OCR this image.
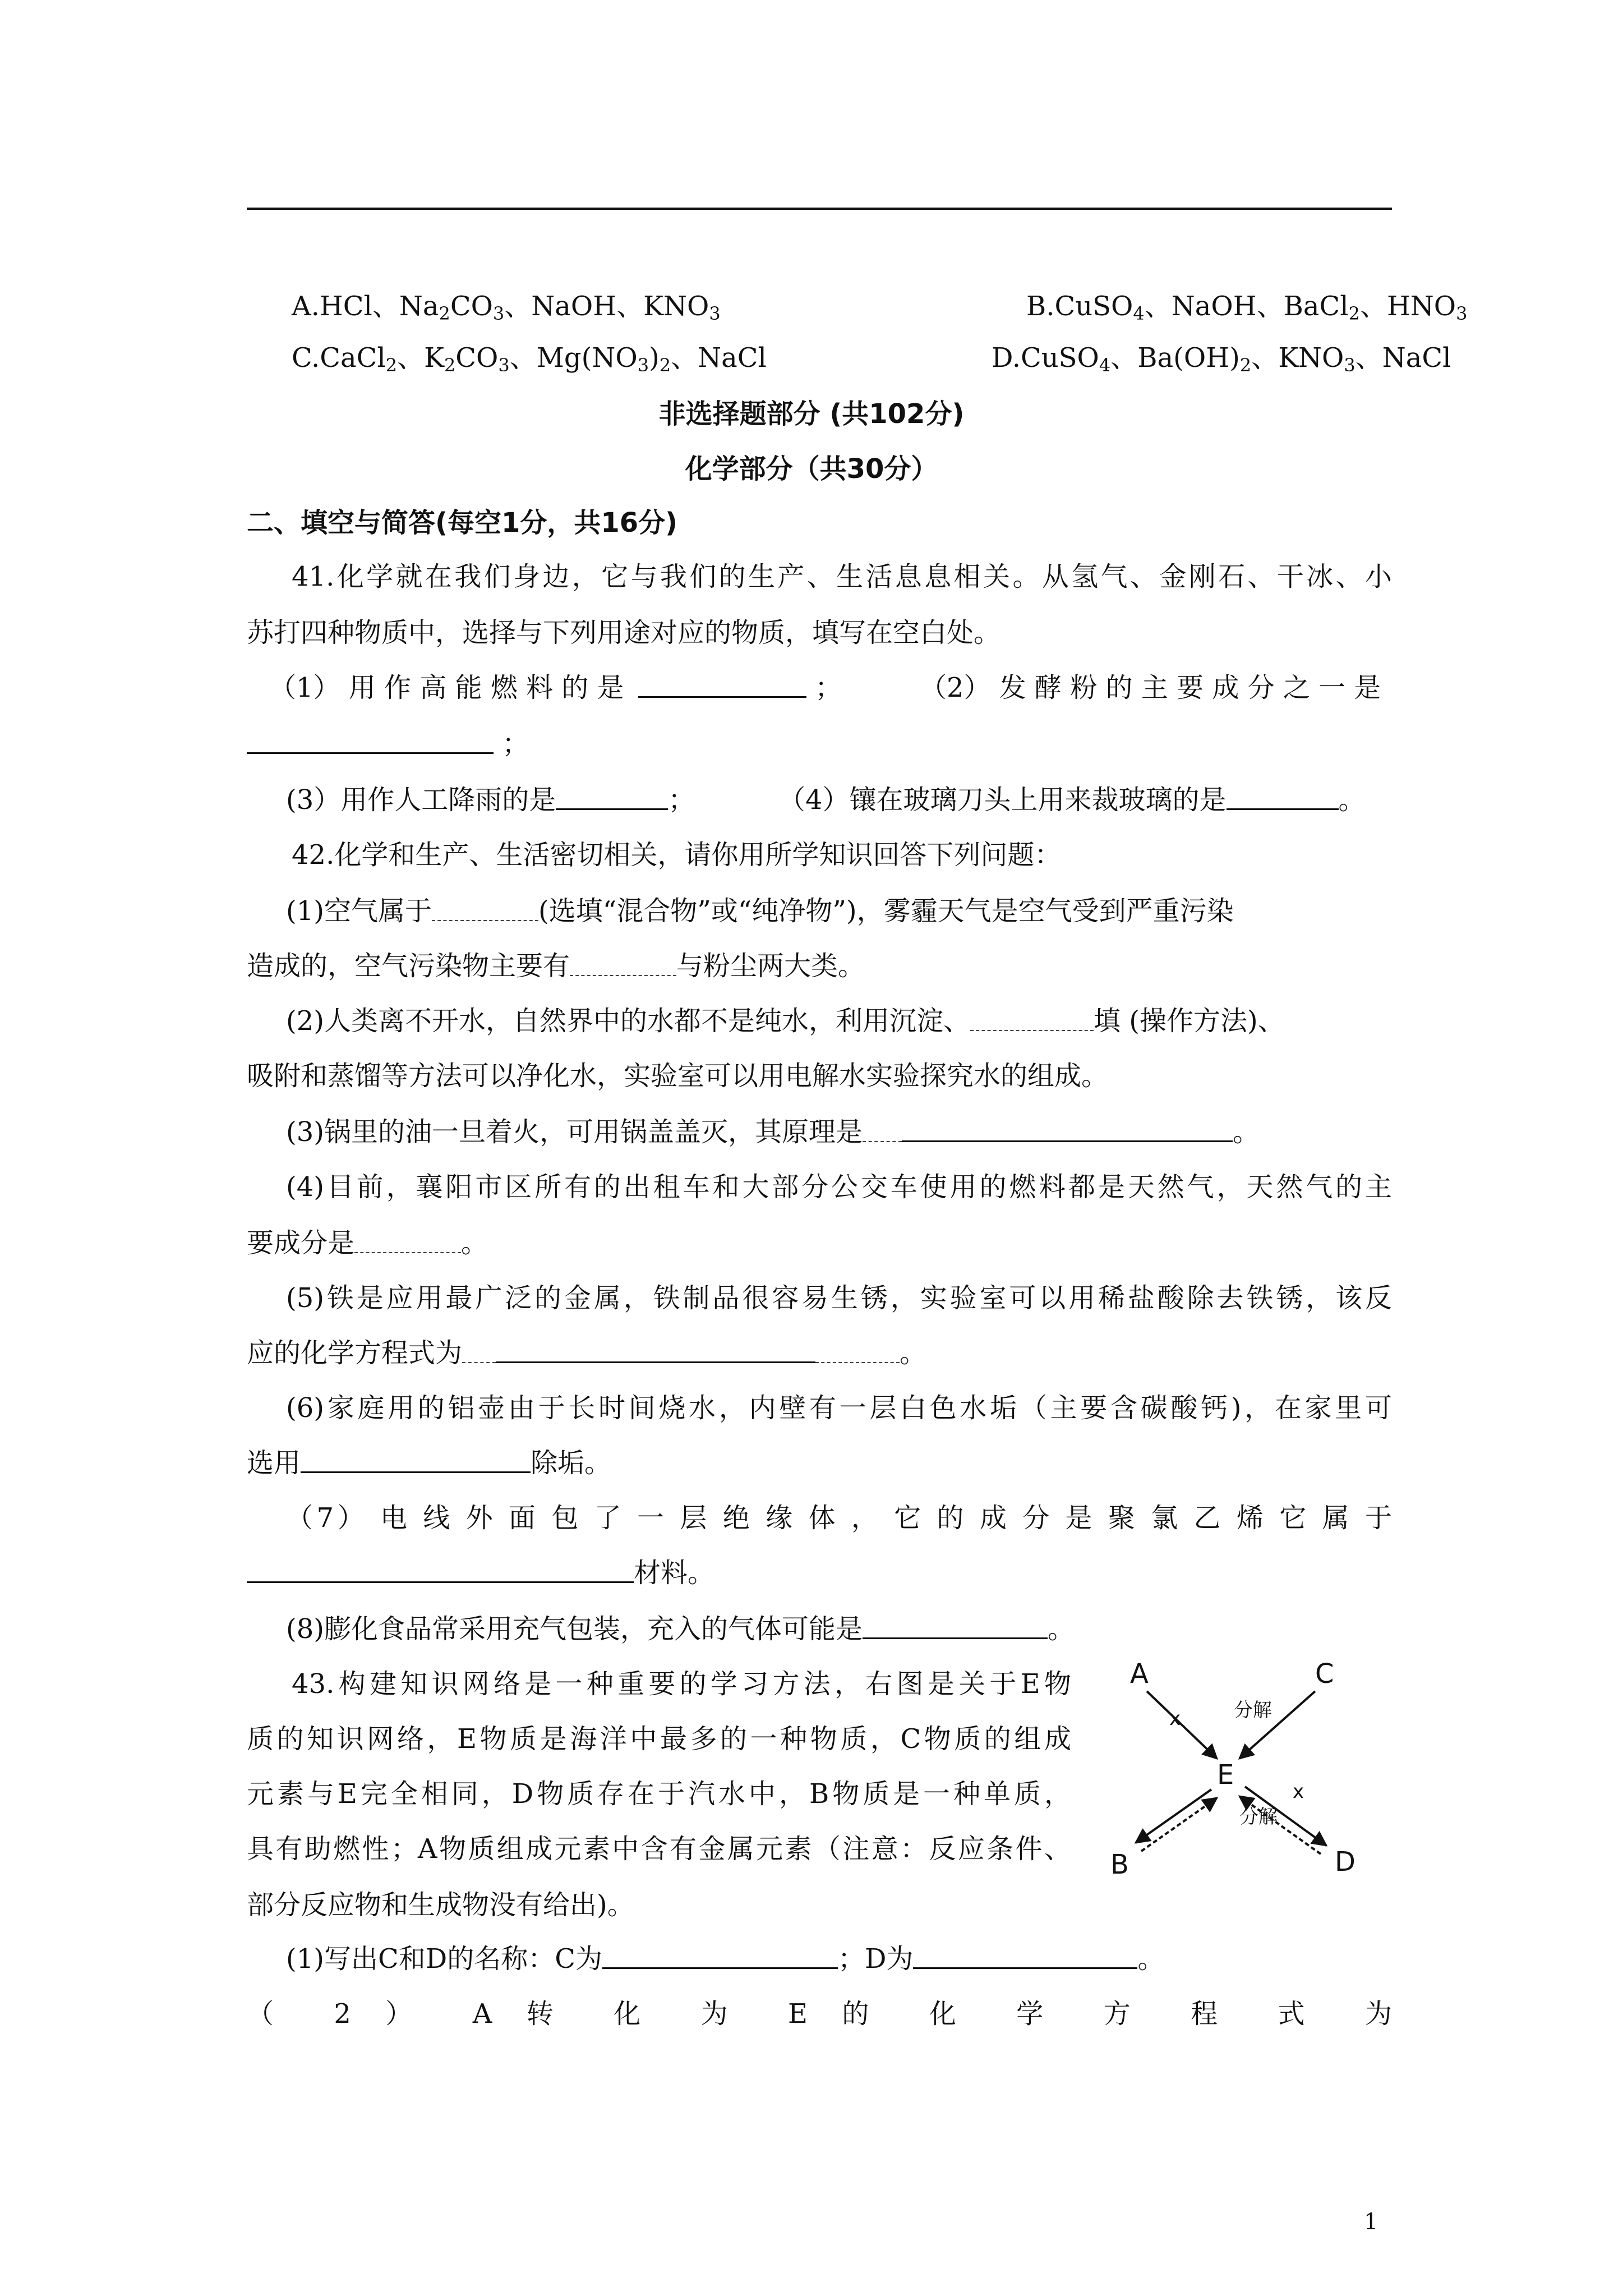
A.HCl、$Na_2CO_3$、NaOH、$KNO_3$	B.CuSO$_4$、NaOH、BaCl$_2$、$HNO_3$
C.CaCl$_2$、$K_2CO_3$、$Mg(NO_3)_2$、NaCl	D.CuSO$_4$、$Ba(OH)_2$、$KNO_3$、NaCl
非选择题部分 (共102分)
化学部分（共30分）
二、填空与简答(每空1分，共16分)
41.化学就在我们身边，它与我们的生产、生活息息相关。从氢气、金刚石、干冰、小
苏打四种物质中，选择与下列用途对应的物质，填写在空白处。
（1） 用 作 高 能 燃 料 的 是	；	（2） 发 酵 粉 的 主 要 成 分 之 一 是
；
(3）用作人工降雨的是	；	（4）镶在玻璃刀头上用来裁玻璃的是	。
42.化学和生产、生活密切相关，请你用所学知识回答下列问题：
(1)空气属于	(选填“混合物”或“纯净物”)，雾霾天气是空气受到严重污染
造成的，空气污染物主要有	与粉尘两大类。
(2)人类离不开水，自然界中的水都不是纯水，利用沉淀、	填 (操作方法)、
吸附和蒸馏等方法可以净化水，实验室可以用电解水实验探究水的组成。
(3)锅里的油一旦着火，可用锅盖盖灭，其原理是	。
(4)目前，襄阳市区所有的出租车和大部分公交车使用的燃料都是天然气，天然气的主
要成分是	。
(5)铁是应用最广泛的金属，铁制品很容易生锈，实验室可以用稀盐酸除去铁锈，该反
应的化学方程式为	。
(6)家庭用的铝壶由于长时间烧水，内壁有一层白色水垢（主要含碳酸钙)，在家里可
选用	除垢。
（7） 电 线 外 面 包 了 一 层 绝 缘 体 ， 它 的 成 分 是 聚 氯 乙 烯 它 属 于
材料。
(8)膨化食品常采用充气包装，充入的气体可能是	。
43.构建知识网络是一种重要的学习方法，右图是关于E物
质的知识网络，E物质是海洋中最多的一种物质，C物质的组成
元素与E完全相同，D物质存在于汽水中，B物质是一种单质，
具有助燃性；A物质组成元素中含有金属元素（注意：反应条件、
部分反应物和生成物没有给出)。
(1)写出C和D的名称：C为	；D为	。
（ 2 ） A 转 化 为 E 的 化 学 方 程 式 为
A	C
E
B	D
x	分解
x
分解
1
